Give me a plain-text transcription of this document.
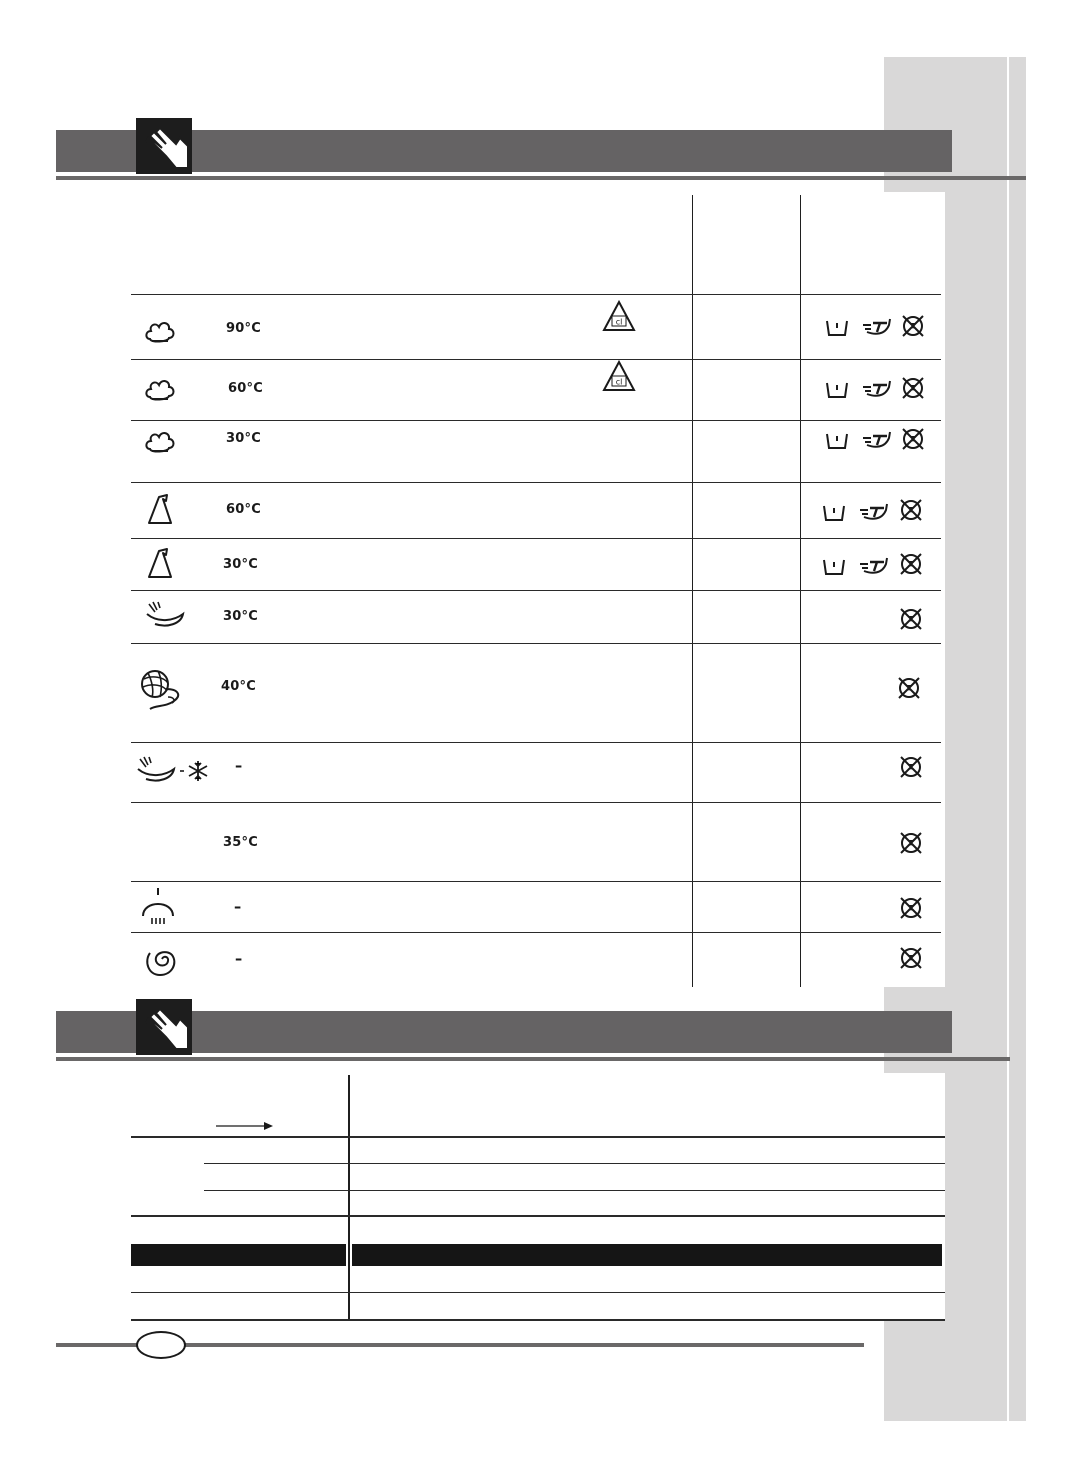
cl
90°C
60°C
30°C
60°C
30°C
30°C
40°C
–
35°C
–
–
